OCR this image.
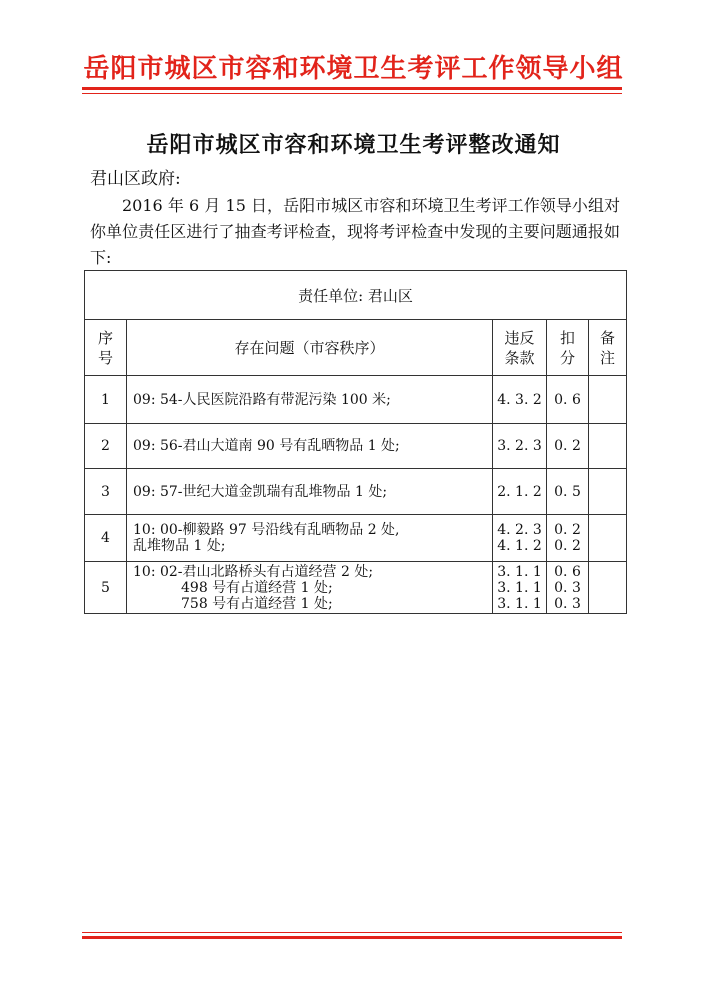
岳阳市城区市容和环境卫生考评工作领导小组
岳阳市城区市容和环境卫生考评整改通知
君山区政府:
2016 年 6 月 15 日，岳阳市城区市容和环境卫生考评工作领导小组对你单位责任区进行了抽查考评检查，现将考评检查中发现的主要问题通报如下:
责任单位: 君山区				
序
号	存在问题（市容秩序）	违反
条款	扣
分	备
注
1	09: 54-人民医院沿路有带泥污染 100 米;	4. 3. 2	0. 6	
2	09: 56-君山大道南 90 号有乱晒物品 1 处;	3. 2. 3	0. 2	
3	09: 57-世纪大道金凯瑞有乱堆物品 1 处;	2. 1. 2	0. 5	
4	10: 00-柳毅路 97 号沿线有乱晒物品 2 处,
乱堆物品 1 处;	4. 2. 3
4. 1. 2	0. 2
0. 2	
5	10: 02-君山北路桥头有占道经营 2 处;
498 号有占道经营 1 处;
758 号有占道经营 1 处;	3. 1. 1
3. 1. 1
3. 1. 1	0. 6
0. 3
0. 3	
